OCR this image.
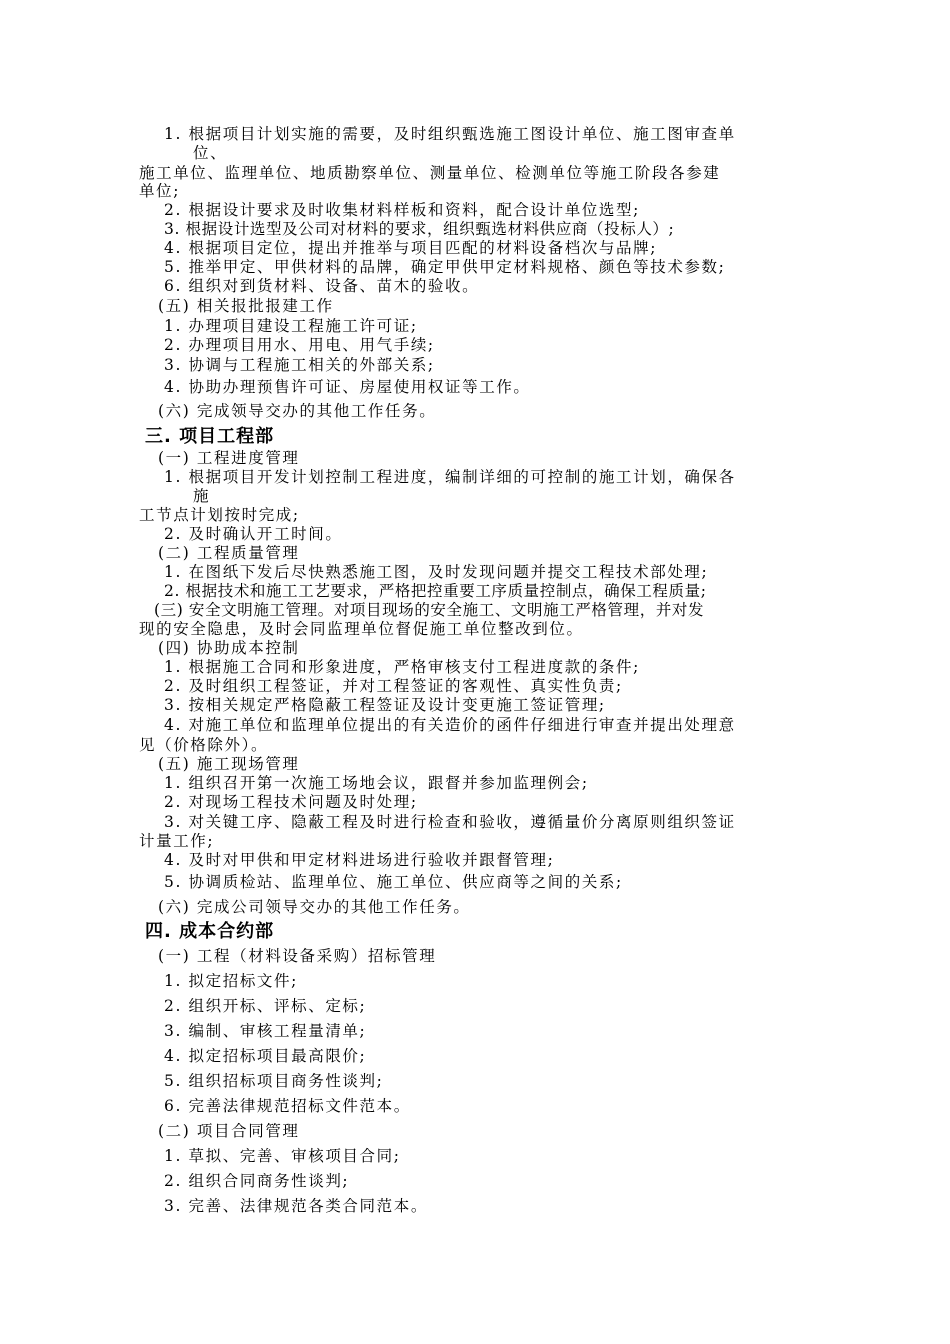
1. 根据项目计划实施的需要，及时组织甄选施工图设计单位、施工图审查单
位、
施工单位、监理单位、地质勘察单位、测量单位、检测单位等施工阶段各参建
单位;
2. 根据设计要求及时收集材料样板和资料，配合设计单位选型;
3. 根据设计选型及公司对材料的要求，组织甄选材料供应商（投标人）;
4. 根据项目定位，提出并推举与项目匹配的材料设备档次与品牌;
5. 推举甲定、甲供材料的品牌，确定甲供甲定材料规格、颜色等技术参数;
6. 组织对到货材料、设备、苗木的验收。
(五) 相关报批报建工作
1. 办理项目建设工程施工许可证;
2. 办理项目用水、用电、用气手续;
3. 协调与工程施工相关的外部关系;
4. 协助办理预售许可证、房屋使用权证等工作。
(六) 完成领导交办的其他工作任务。
三. 项目工程部
(一) 工程进度管理
1. 根据项目开发计划控制工程进度，编制详细的可控制的施工计划，确保各
施
工节点计划按时完成;
2. 及时确认开工时间。
(二) 工程质量管理
1. 在图纸下发后尽快熟悉施工图，及时发现问题并提交工程技术部处理;
2. 根据技术和施工工艺要求，严格把控重要工序质量控制点，确保工程质量;
(三) 安全文明施工管理。对项目现场的安全施工、文明施工严格管理，并对发
现的安全隐患，及时会同监理单位督促施工单位整改到位。
(四) 协助成本控制
1. 根据施工合同和形象进度，严格审核支付工程进度款的条件;
2. 及时组织工程签证，并对工程签证的客观性、真实性负责;
3. 按相关规定严格隐蔽工程签证及设计变更施工签证管理;
4. 对施工单位和监理单位提出的有关造价的函件仔细进行审查并提出处理意
见（价格除外）。
(五) 施工现场管理
1. 组织召开第一次施工场地会议，跟督并参加监理例会;
2. 对现场工程技术问题及时处理;
3. 对关键工序、隐蔽工程及时进行检查和验收，遵循量价分离原则组织签证
计量工作;
4. 及时对甲供和甲定材料进场进行验收并跟督管理;
5. 协调质检站、监理单位、施工单位、供应商等之间的关系;
(六) 完成公司领导交办的其他工作任务。
四. 成本合约部
(一) 工程（材料设备采购）招标管理
1. 拟定招标文件;
2. 组织开标、评标、定标;
3. 编制、审核工程量清单;
4. 拟定招标项目最高限价;
5. 组织招标项目商务性谈判;
6. 完善法律规范招标文件范本。
(二) 项目合同管理
1. 草拟、完善、审核项目合同;
2. 组织合同商务性谈判;
3. 完善、法律规范各类合同范本。
